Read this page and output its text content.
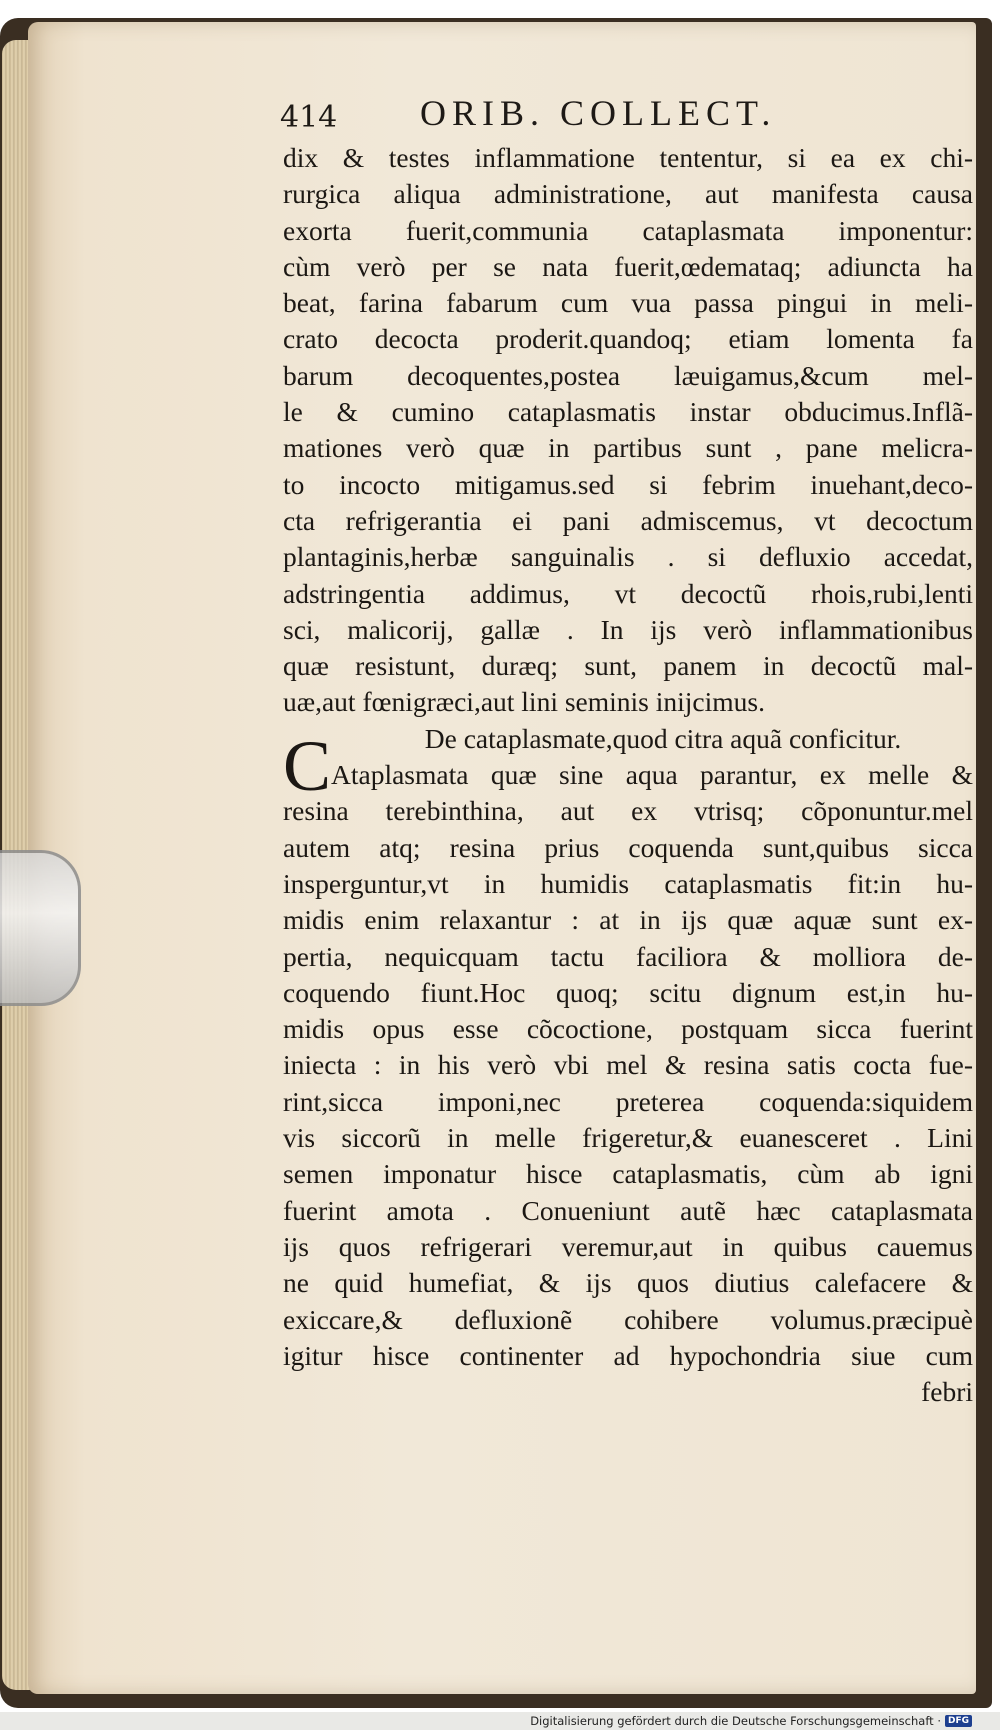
414 ORIB. COLLECT.
C
dix & testes inflammatione tententur, si ea ex chi-
rurgica aliqua administratione, aut manifesta causa
exorta fuerit,communia cataplasmata imponentur:
cùm verò per se nata fuerit,œdemataq; adiuncta ha
beat, farina fabarum cum vua passa pingui in meli-
crato decocta proderit.quandoq; etiam lomenta fa
barum decoquentes,postea læuigamus,&cum mel-
le & cumino cataplasmatis instar obducimus.Inflã-
mationes verò quæ in partibus sunt , pane melicra-
to incocto mitigamus.sed si febrim inuehant,deco-
cta refrigerantia ei pani admiscemus, vt decoctum
plantaginis,herbæ sanguinalis . si defluxio accedat,
adstringentia addimus, vt decoctũ rhois,rubi,lenti
sci, malicorij, gallæ . In ijs verò inflammationibus
quæ resistunt, duræq; sunt, panem in decoctũ mal-
uæ,aut fœnigræci,aut lini seminis inijcimus.
De cataplasmate,quod citra aquã conficitur.
Ataplasmata quæ sine aqua parantur, ex melle &
resina terebinthina, aut ex vtrisq; cõponuntur.mel
autem atq; resina prius coquenda sunt,quibus sicca
insperguntur,vt in humidis cataplasmatis fit:in hu-
midis enim relaxantur : at in ijs quæ aquæ sunt ex-
pertia, nequicquam tactu faciliora & molliora de-
coquendo fiunt.Hoc quoq; scitu dignum est,in hu-
midis opus esse cõcoctione, postquam sicca fuerint
iniecta : in his verò vbi mel & resina satis cocta fue-
rint,sicca imponi,nec preterea coquenda:siquidem
vis siccorũ in melle frigeretur,& euanesceret . Lini
semen imponatur hisce cataplasmatis, cùm ab igni
fuerint amota . Conueniunt autẽ hæc cataplasmata
ijs quos refrigerari veremur,aut in quibus cauemus
ne quid humefiat, & ijs quos diutius calefacere &
exiccare,& defluxionẽ cohibere volumus.præcipuè
igitur hisce continenter ad hypochondria siue cum
febri
Digitalisierung gefördert durch die Deutsche Forschungsgemeinschaft · DFG
